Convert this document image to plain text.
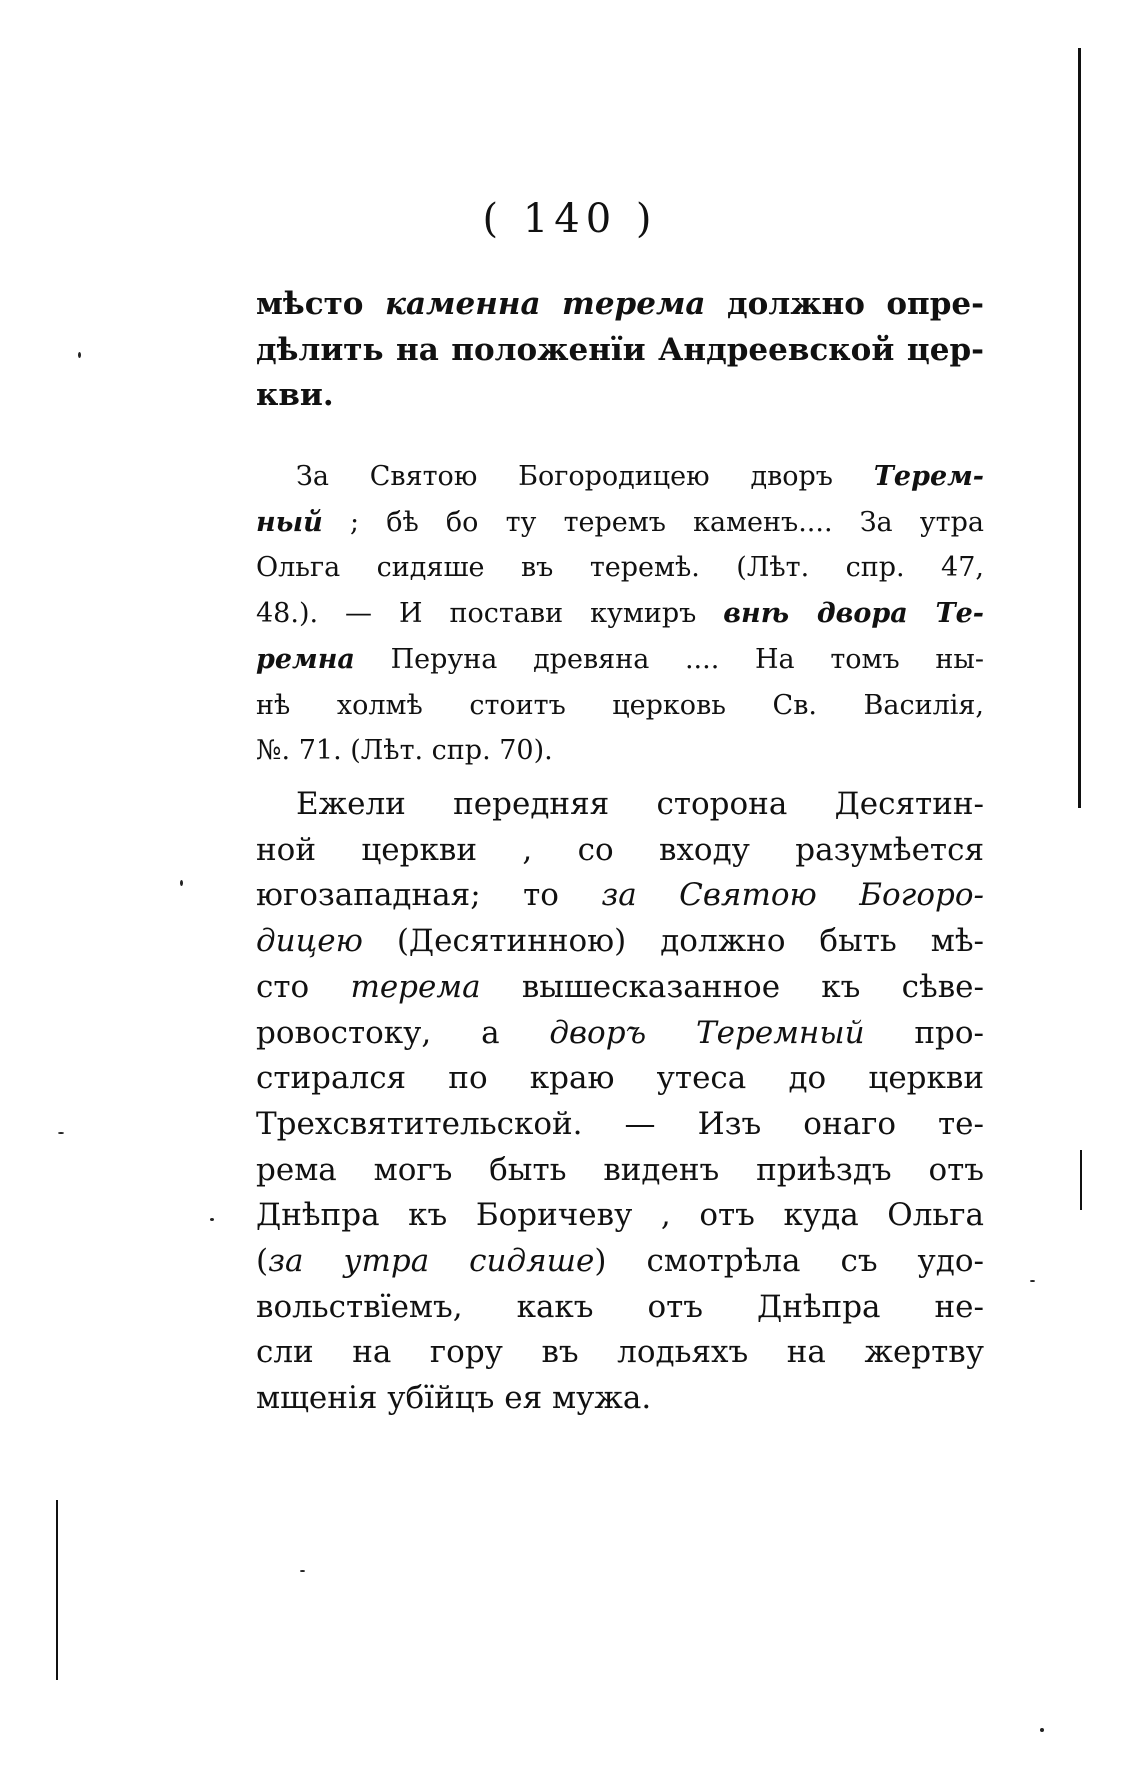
( 140 )
мѣсто каменна терема должно опре-
дѣлить на положенїи Андреевской цер-
кви.
За Святою Богородицею дворъ Терем-
ный ; бѣ бо ту теремъ каменъ.... За утра
Ольга сидяше въ теремѣ. (Лѣт. спр. 47,
48.). — И постави кумиръ внѣ двора Те-
ремна Перуна древяна .... На томъ ны-
нѣ холмѣ стоитъ церковь Св. Василія,
№. 71. (Лѣт. спр. 70).
Ежели передняя сторона Десятин-
ной церкви , со входу разумѣется
югозападная; то за Святою Богоро-
дицею (Десятинною) должно быть мѣ-
сто терема вышесказанное къ сѣве-
ровостоку, а дворъ Теремный про-
стирался по краю утеса до церкви
Трехсвятительской. — Изъ онаго те-
рема могъ быть виденъ приѣздъ отъ
Днѣпра къ Боричеву , отъ куда Ольга
(за утра сидяше) смотрѣла съ удо-
вольствїемъ, какъ отъ Днѣпра не-
сли на гору въ лодьяхъ на жертву
мщенія убїйцъ ея мужа.
